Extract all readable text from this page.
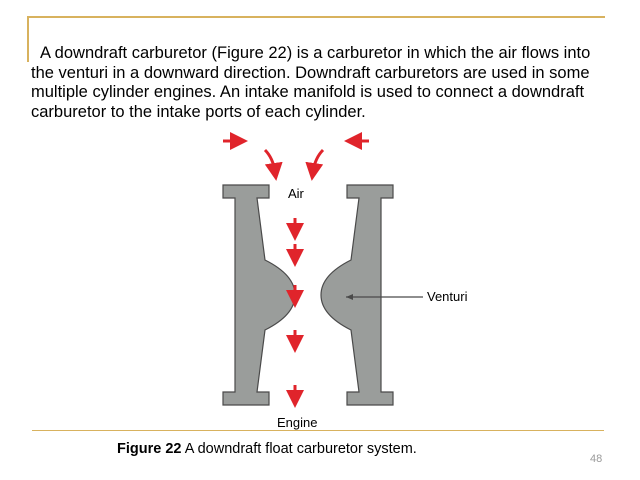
A downdraft carburetor (Figure 22) is a carburetor in which the air flows into the venturi in a downward direction. Downdraft carburetors are used in some multiple cylinder engines. An intake manifold is used to connect a downdraft carburetor to the intake ports of each cylinder.

Air
Venturi
Engine
Figure 22 A downdraft float carburetor system.
48
